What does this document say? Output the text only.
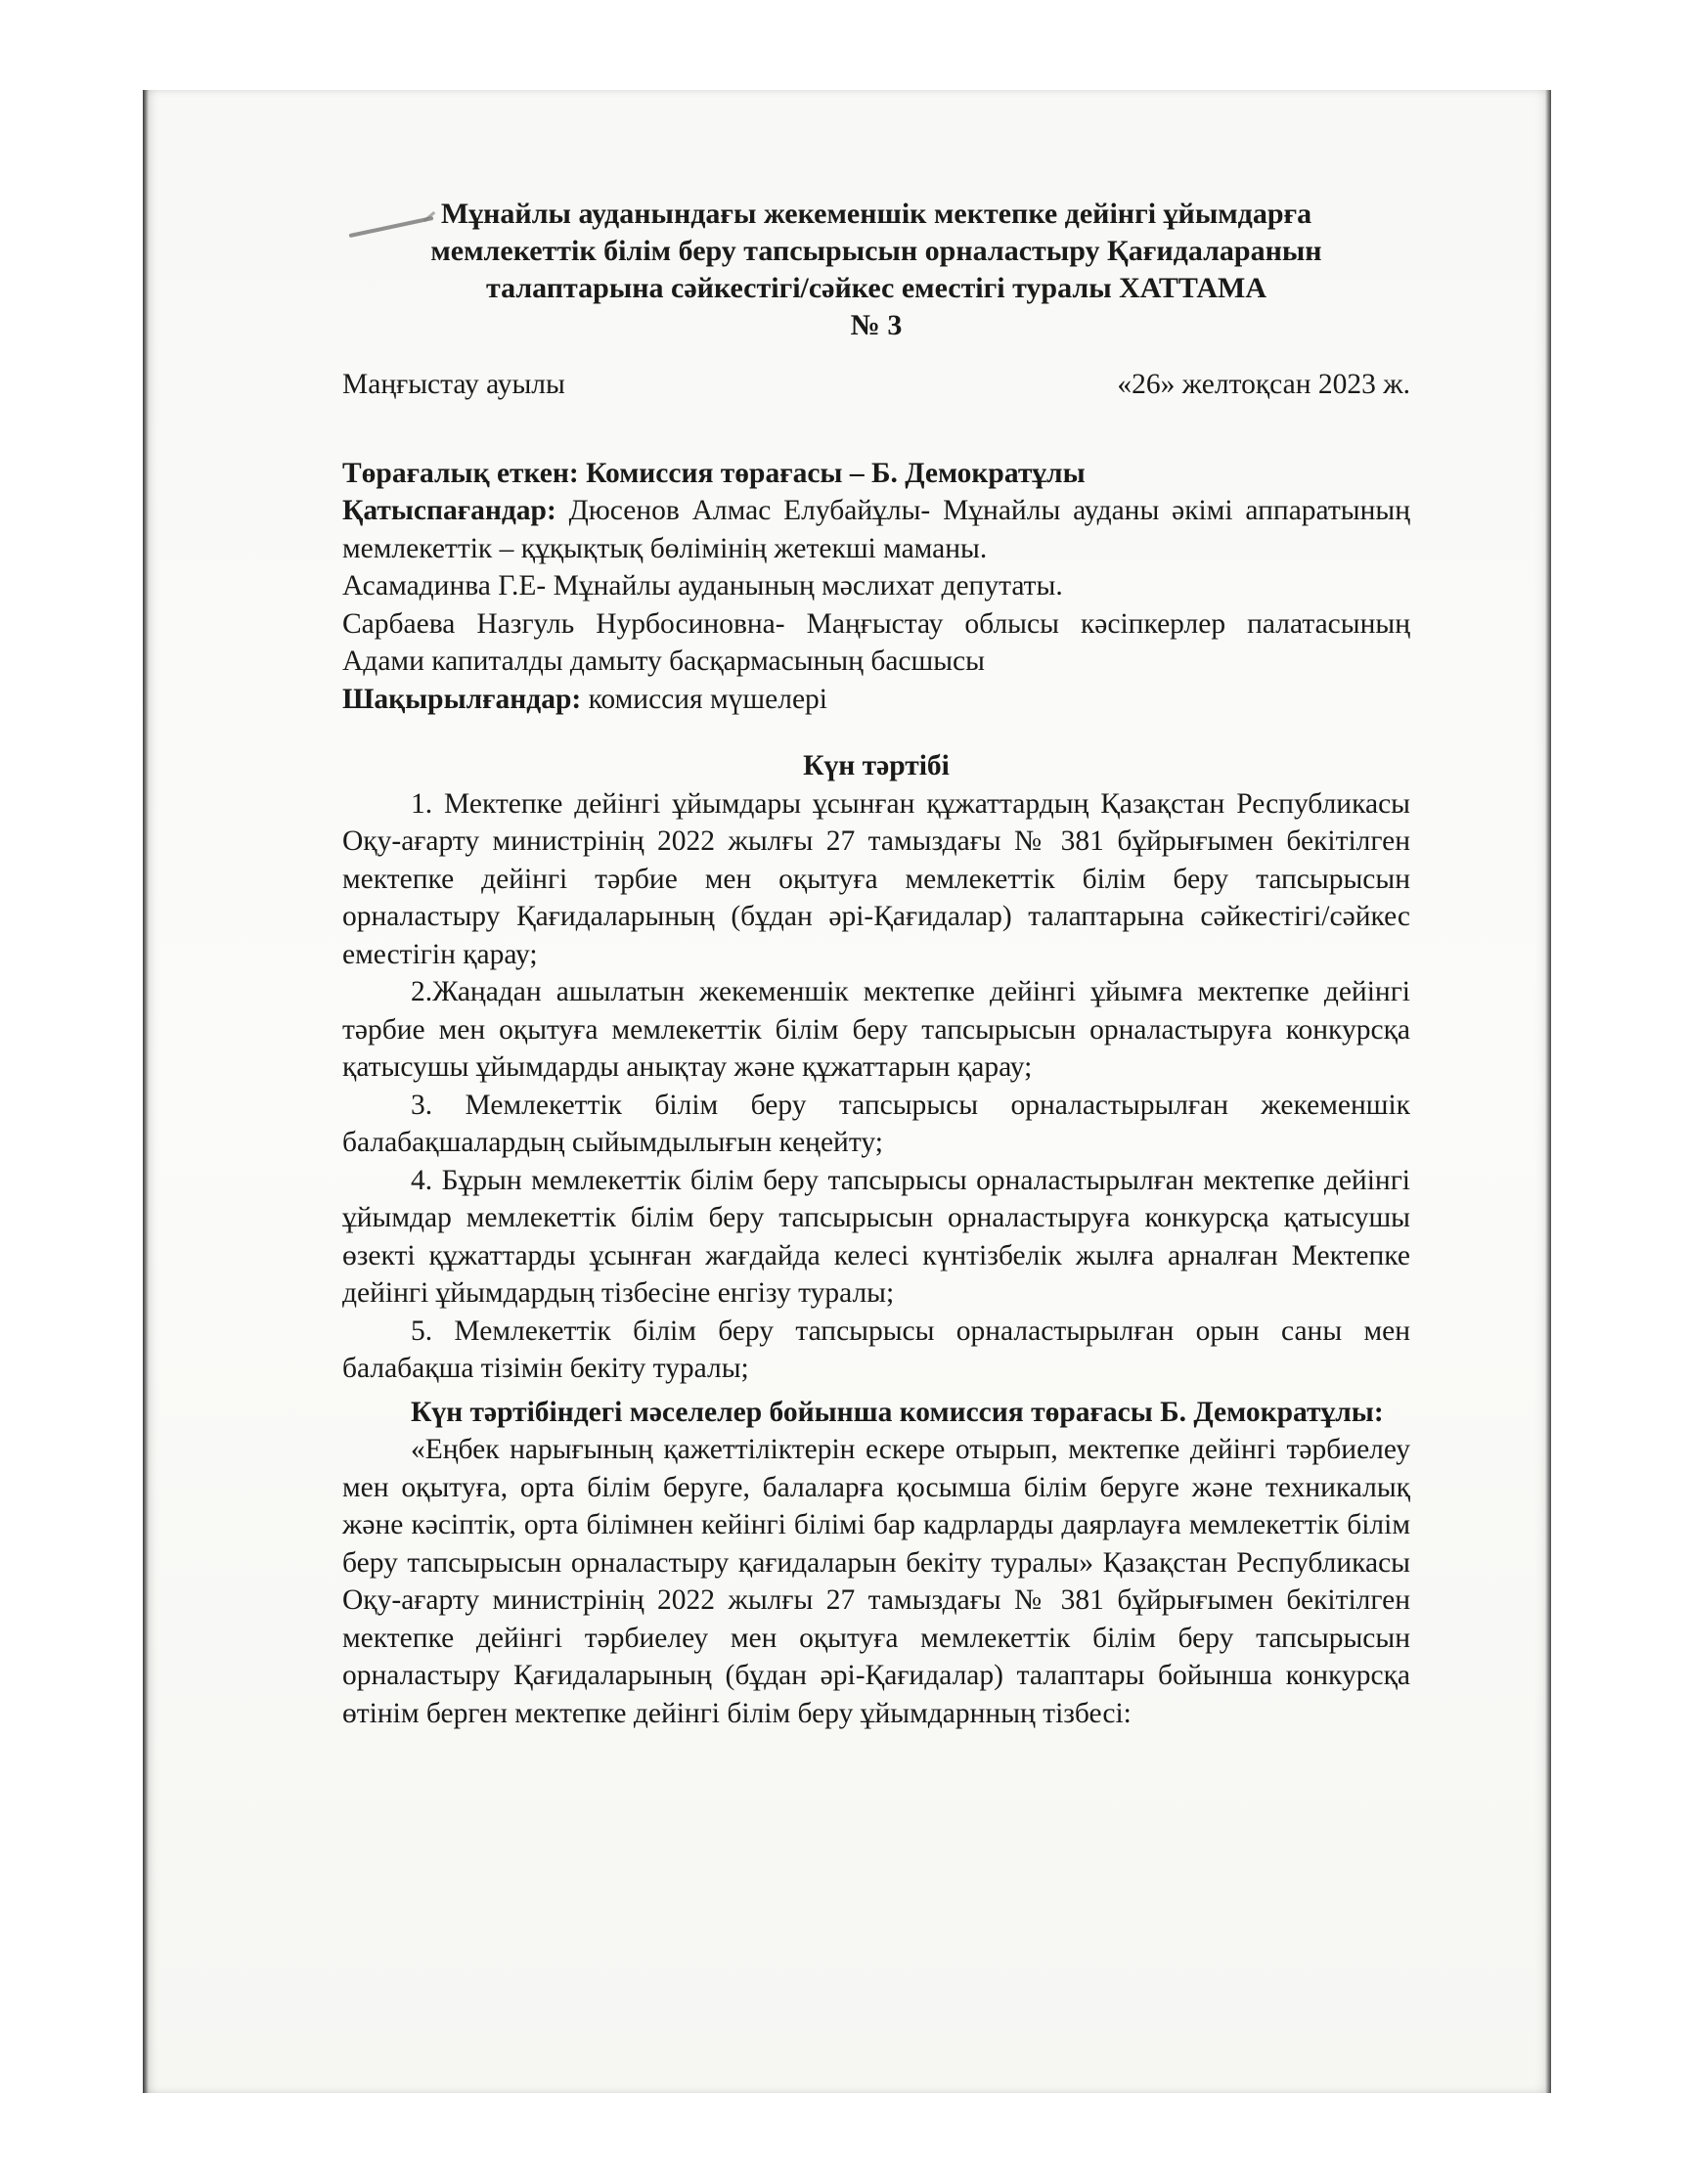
Мұнайлы ауданындағы жекеменшік мектепке дейінгі ұйымдарға
мемлекеттік білім беру тапсырысын орналастыру Қағидаларанын
талаптарына сәйкестігі/сәйкес еместігі туралы ХАТТАМА
№ 3
Маңғыстау ауылы	«26» желтоқсан 2023 ж.

Төрағалық еткен: Комиссия төрағасы – Б. Демократұлы

Қатыспағандар: Дюсенов Алмас Елубайұлы- Мұнайлы ауданы әкімі аппаратының мемлекеттік – құқықтық бөлімінің жетекші маманы.

Асамадинва Г.Е- Мұнайлы ауданының мәслихат депутаты.

Сарбаева Назгуль Нурбосиновна- Маңғыстау облысы кәсіпкерлер палатасының Адами капиталды дамыту басқармасының басшысы

Шақырылғандар: комиссия мүшелері

Күн тәртібі

1. Мектепке дейінгі ұйымдары ұсынған құжаттардың Қазақстан Республикасы Оқу-ағарту министрінің 2022 жылғы 27 тамыздағы № 381 бұйрығымен бекітілген мектепке дейінгі тәрбие мен оқытуға мемлекеттік білім беру тапсырысын орналастыру Қағидаларының (бұдан әрі-Қағидалар) талаптарына сәйкестігі/сәйкес еместігін қарау;

2.Жаңадан ашылатын жекеменшік мектепке дейінгі ұйымға мектепке дейінгі тәрбие мен оқытуға мемлекеттік білім беру тапсырысын орналастыруға конкурсқа қатысушы ұйымдарды анықтау және құжаттарын қарау;

3. Мемлекеттік білім беру тапсырысы орналастырылған жекеменшік балабақшалардың сыйымдылығын кеңейту;

4. Бұрын мемлекеттік білім беру тапсырысы орналастырылған мектепке дейінгі ұйымдар мемлекеттік білім беру тапсырысын орналастыруға конкурсқа қатысушы өзекті құжаттарды ұсынған жағдайда келесі күнтізбелік жылға арналған Мектепке дейінгі ұйымдардың тізбесіне енгізу туралы;

5. Мемлекеттік білім беру тапсырысы орналастырылған орын саны мен балабақша тізімін бекіту туралы;

Күн тәртібіндегі мәселелер бойынша комиссия төрағасы Б. Демократұлы:

«Еңбек нарығының қажеттіліктерін ескере отырып, мектепке дейінгі тәрбиелеу мен оқытуға, орта білім беруге, балаларға қосымша білім беруге және техникалық және кәсіптік, орта білімнен кейінгі білімі бар кадрларды даярлауға мемлекеттік білім беру тапсырысын орналастыру қағидаларын бекіту туралы» Қазақстан Республикасы Оқу-ағарту министрінің 2022 жылғы 27 тамыздағы № 381 бұйрығымен бекітілген мектепке дейінгі тәрбиелеу мен оқытуға мемлекеттік білім беру тапсырысын орналастыру Қағидаларының (бұдан әрі-Қағидалар) талаптары бойынша конкурсқа өтінім берген мектепке дейінгі білім беру ұйымдарнның тізбесі:
